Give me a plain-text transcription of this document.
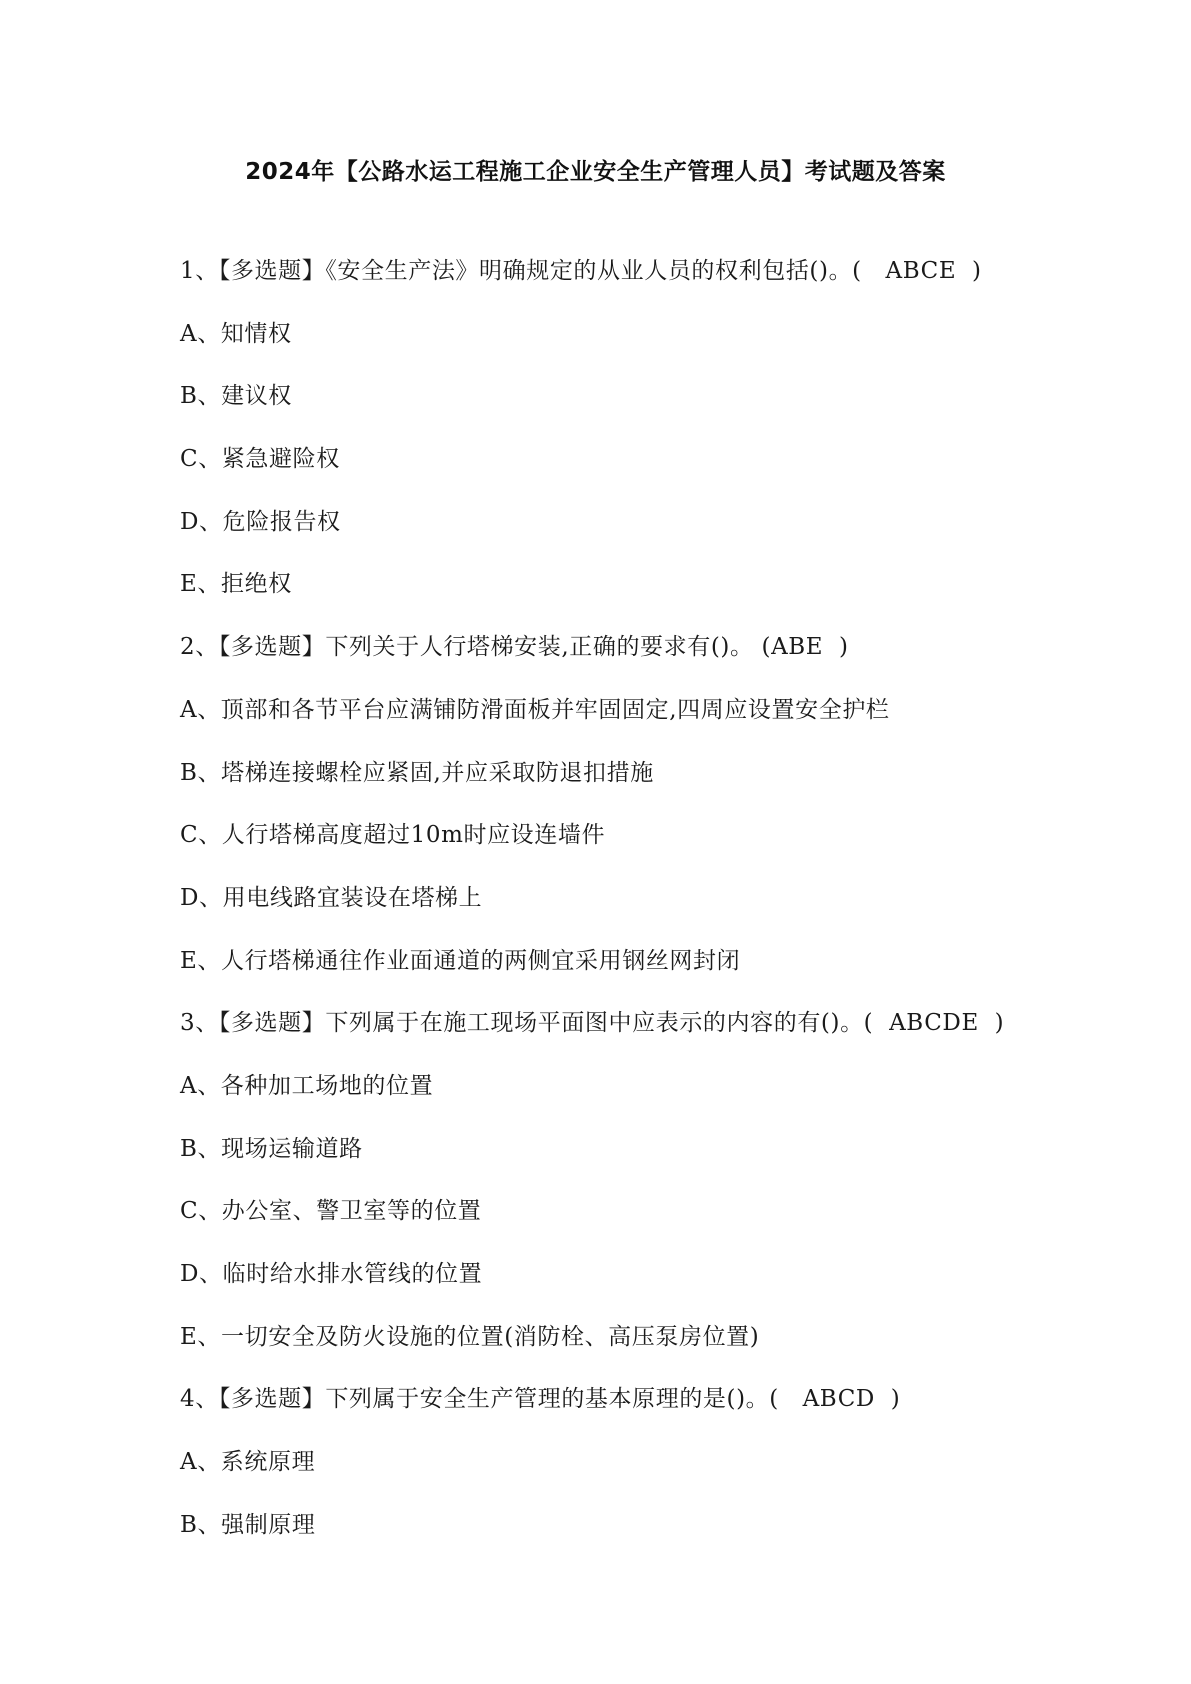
2024年【公路水运工程施工企业安全生产管理人员】考试题及答案
1、【多选题】《安全生产法》明确规定的从业人员的权利包括()。(   ABCE  )
A、知情权
B、建议权
C、紧急避险权
D、危险报告权
E、拒绝权
2、【多选题】下列关于人行塔梯安装,正确的要求有()。 (ABE  )
A、顶部和各节平台应满铺防滑面板并牢固固定,四周应设置安全护栏
B、塔梯连接螺栓应紧固,并应采取防退扣措施
C、人行塔梯高度超过10m时应设连墙件
D、用电线路宜装设在塔梯上
E、人行塔梯通往作业面通道的两侧宜采用钢丝网封闭
3、【多选题】下列属于在施工现场平面图中应表示的内容的有()。(  ABCDE  )
A、各种加工场地的位置
B、现场运输道路
C、办公室、警卫室等的位置
D、临时给水排水管线的位置
E、一切安全及防火设施的位置(消防栓、高压泵房位置)
4、【多选题】下列属于安全生产管理的基本原理的是()。(   ABCD  )
A、系统原理
B、强制原理
